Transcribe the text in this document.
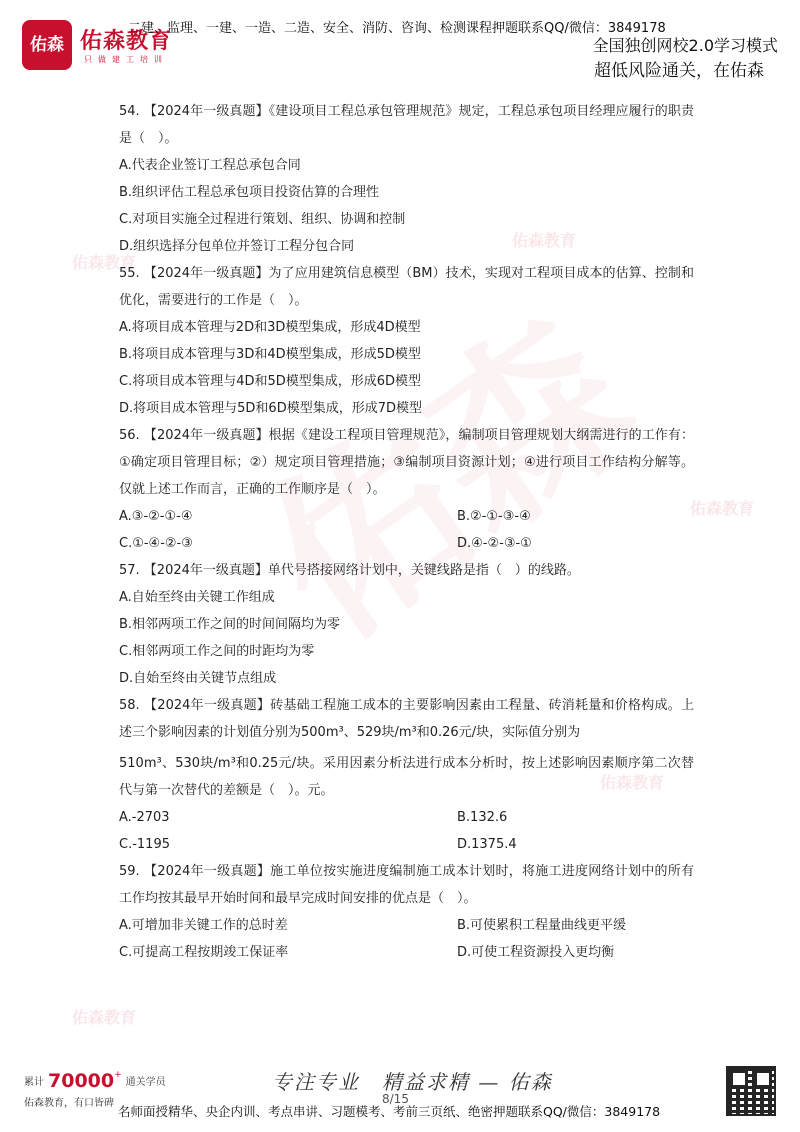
佑森教育
佑森教育
佑森教育
佑森教育
佑森教育
佑森 佑森教育
只做建工培训
二建、监理、一建、一造、二造、安全、消防、咨询、检测课程押题联系QQ/微信：3849178
全国独创网校2.0学习模式
超低风险通关，在佑森
54. 【2024年一级真题】《建设项目工程总承包管理规范》规定，工程总承包项目经理应履行的职责是（　）。
A.代表企业签订工程总承包合同
B.组织评估工程总承包项目投资估算的合理性
C.对项目实施全过程进行策划、组织、协调和控制
D.组织选择分包单位并签订工程分包合同
55. 【2024年一级真题】为了应用建筑信息模型（BM）技术，实现对工程项目成本的估算、控制和优化，需要进行的工作是（　）。
A.将项目成本管理与2D和3D模型集成，形成4D模型
B.将项目成本管理与3D和4D模型集成，形成5D模型
C.将项目成本管理与4D和5D模型集成，形成6D模型
D.将项目成本管理与5D和6D模型集成，形成7D模型
56. 【2024年一级真题】根据《建设工程项目管理规范》，编制项目管理规划大纲需进行的工作有：①确定项目管理目标；②）规定项目管理措施；③编制项目资源计划；④进行项目工作结构分解等。仅就上述工作而言，正确的工作顺序是（　）。
A.③-②-①-④	B.②-①-③-④
C.①-④-②-③	D.④-②-③-①
57. 【2024年一级真题】单代号搭接网络计划中，关键线路是指（　）的线路。
A.自始至终由关键工作组成
B.相邻两项工作之间的时间间隔均为零
C.相邻两项工作之间的时距均为零
D.自始至终由关键节点组成
58. 【2024年一级真题】砖基础工程施工成本的主要影响因素由工程量、砖消耗量和价格构成。上述三个影响因素的计划值分别为500m³、529块/m³和0.26元/块，实际值分别为
510m³、530块/m³和0.25元/块。采用因素分析法进行成本分析时，按上述影响因素顺序第二次替代与第一次替代的差额是（　）。元。
A.-2703	B.132.6
C.-1195	D.1375.4
59. 【2024年一级真题】施工单位按实施进度编制施工成本计划时，将施工进度网络计划中的所有工作均按其最早开始时间和最早完成时间安排的优点是（　）。
A.可增加非关键工作的总时差	B.可使累积工程量曲线更平缓
C.可提高工程按期竣工保证率	D.可使工程资源投入更均衡
累计 70000+通关学员
佑森教育，有口皆碑
专注专业　精益求精 — 佑森
8/15
名师面授精华、央企内训、考点串讲、习题模考、考前三页纸、绝密押题联系QQ/微信：3849178
